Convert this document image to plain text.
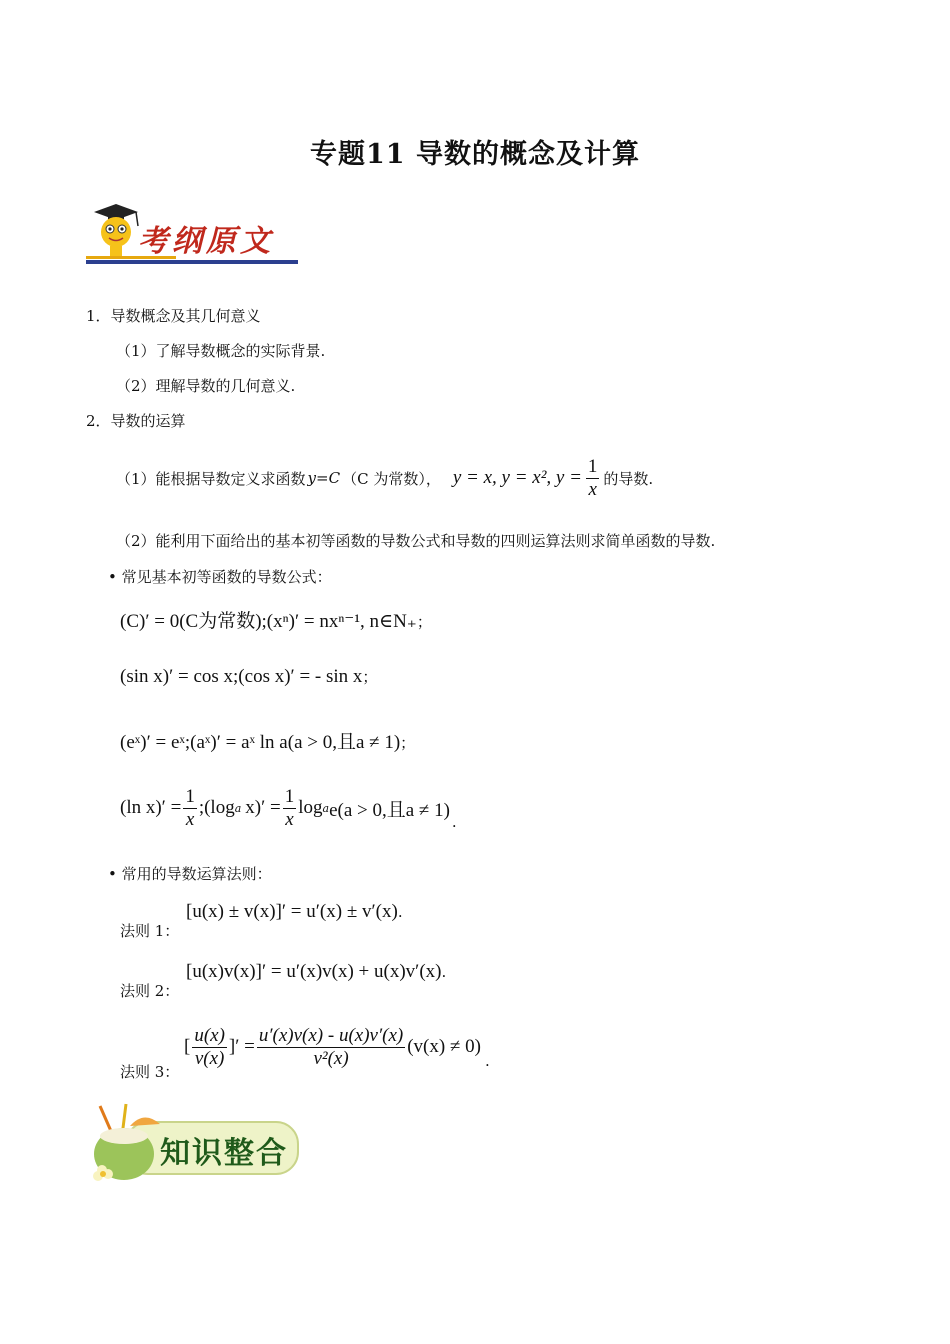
专题11 导数的概念及计算
考纲原文
1．导数概念及其几何意义
（1）了解导数概念的实际背景.
（2）理解导数的几何意义.
2．导数的运算
（1）能根据导数定义求函数 y=C （C 为常数）， y = x, y = x², $y = \frac{1}{x}$ 的导数.
（2）能利用下面给出的基本初等函数的导数公式和导数的四则运算法则求简单函数的导数.
• 常见基本初等函数的导数公式：
(C)′ = 0(C为常数);(xⁿ)′ = nxⁿ⁻¹, n∈N₊；
(sin x)′ = cos x;(cos x)′ = - sin x；
(eˣ)′ = eˣ;(aˣ)′ = aˣ ln a(a > 0,且a ≠ 1)；
(ln $x)' = \frac{1}{x}$ ;(log a $x)' = \frac{1}{x}$ log a e(a > 0,且a ≠ 1)
.
• 常用的导数运算法则：
法则 1：
[u(x) ± v(x)]′ = u′(x) ± v′(x).
法则 2：
[u(x)v(x)]′ = u′(x)v(x) + u(x)v′(x).
法则 3：
[ $\frac{u(x)}{v(x)}$ ]′ = $\frac{u'(x)v(x) - u(x)v'(x)}{\text{v²(x)}} (v(x) \ne 0)$
.
知识整合
